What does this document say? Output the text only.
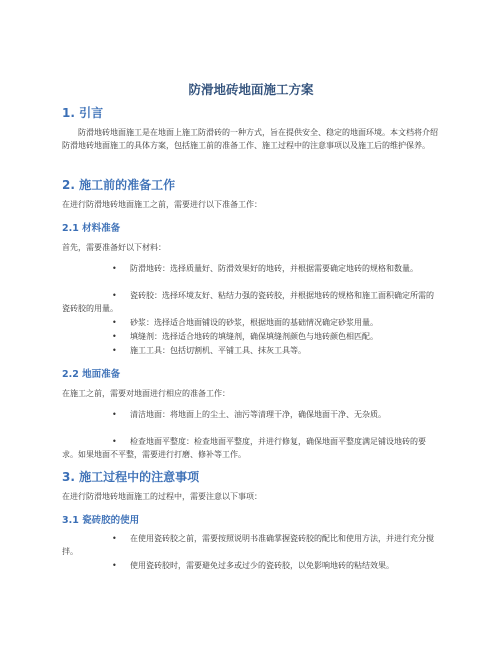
防滑地砖地面施工方案
1. 引言
防滑地砖地面施工是在地面上施工防滑砖的一种方式，旨在提供安全、稳定的地面环境。本文档将介绍防滑地砖地面施工的具体方案，包括施工前的准备工作、施工过程中的注意事项以及施工后的维护保养。
2. 施工前的准备工作
在进行防滑地砖地面施工之前，需要进行以下准备工作：
2.1 材料准备
首先，需要准备好以下材料：
•	防滑地砖：选择质量好、防滑效果好的地砖，并根据需要确定地砖的规格和数量。
•	瓷砖胶：选择环境友好、粘结力强的瓷砖胶，并根据地砖的规格和施工面积确定所需的瓷砖胶的用量。
•	砂浆：选择适合地面铺设的砂浆，根据地面的基础情况确定砂浆用量。
•	填缝剂：选择适合地砖的填缝剂，确保填缝剂颜色与地砖颜色相匹配。
•	施工工具：包括切割机、平铺工具、抹灰工具等。
2.2 地面准备
在施工之前，需要对地面进行相应的准备工作：
•	清洁地面：将地面上的尘土、油污等清理干净，确保地面干净、无杂质。
•	检查地面平整度：检查地面平整度，并进行修复，确保地面平整度满足铺设地砖的要求。如果地面不平整，需要进行打磨、修补等工作。
3. 施工过程中的注意事项
在进行防滑地砖地面施工的过程中，需要注意以下事项：
3.1 瓷砖胶的使用
•	在使用瓷砖胶之前，需要按照说明书准确掌握瓷砖胶的配比和使用方法，并进行充分搅拌。
•	使用瓷砖胶时，需要避免过多或过少的瓷砖胶，以免影响地砖的粘结效果。
